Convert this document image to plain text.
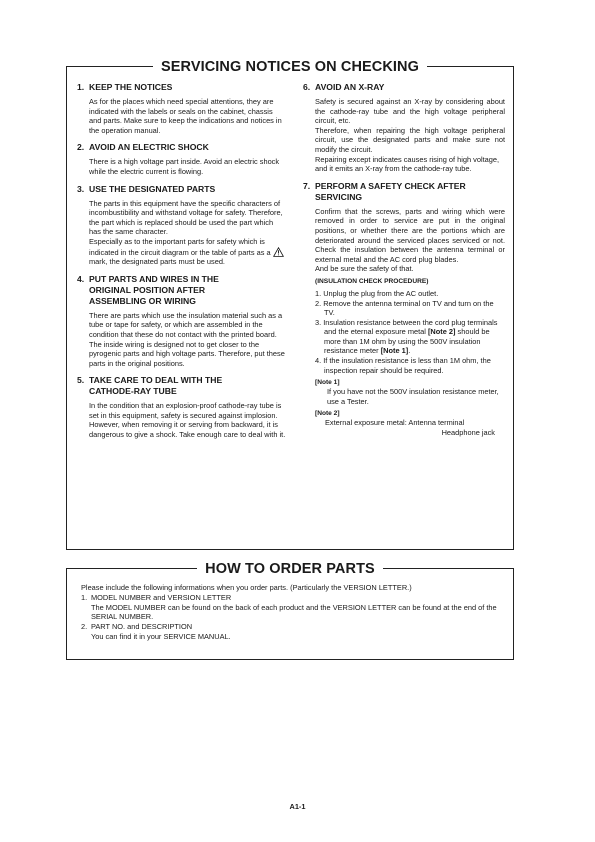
SERVICING NOTICES ON CHECKING
1. KEEP THE NOTICES

As for the places which need special attentions, they are indicated with the labels or seals on the cabinet, chassis and parts. Make sure to keep the indications and notices in the operation manual.

2. AVOID AN ELECTRIC SHOCK

There is a high voltage part inside. Avoid an electric shock while the electric current is flowing.

3. USE THE DESIGNATED PARTS

The parts in this equipment have the specific characters of incombustibility and withstand voltage for safety. Therefore, the part which is replaced should be used the part which has the same character.

Especially as to the important parts for safety which is indicated in the circuit diagram or the table of parts as a  mark, the designated parts must be used.

4. PUT PARTS AND WIRES IN THE
ORIGINAL POSITION AFTER
ASSEMBLING OR WIRING

There are parts which use the insulation material such as a tube or tape for safety, or which are assembled in the condition that these do not contact with the printed board. The inside wiring is designed not to get closer to the pyrogenic parts and high voltage parts. Therefore, put these parts in the original positions.

5. TAKE CARE TO DEAL WITH THE
CATHODE-RAY TUBE

In the condition that an explosion-proof cathode-ray tube is set in this equipment, safety is secured against implosion. However, when removing it or serving from backward, it is dangerous to give a shock. Take enough care to deal with it.

6. AVOID AN X-RAY

Safety is secured against an X-ray by considering about the cathode-ray tube and the high voltage peripheral circuit, etc.

Therefore, when repairing the high voltage peripheral circuit, use the designated parts and make sure not modify the circuit.

Repairing except indicates causes rising of high voltage, and it emits an X-ray from the cathode-ray tube.

7. PERFORM A SAFETY CHECK AFTER
SERVICING

Confirm that the screws, parts and wiring which were removed in order to service are put in the original positions, or whether there are the portions which are deteriorated around the serviced places serviced or not. Check the insulation between the antenna terminal or external metal and the AC cord plug blades.

And be sure the safety of that.

(INSULATION CHECK PROCEDURE)
1. Unplug the plug from the AC outlet.
2. Remove the antenna terminal on TV and turn on the TV.
3. Insulation resistance between the cord plug terminals and the eternal exposure metal [Note 2] should be more than 1M ohm by using the 500V insulation resistance meter [Note 1].
4. If the insulation resistance is less than 1M ohm, the inspection repair should be required.
[Note 1]
If you have not the 500V insulation resistance meter, use a Tester.
[Note 2]
External exposure metal: Antenna terminal
Headphone jack
HOW TO ORDER PARTS
Please include the following informations when you order parts. (Particularly the VERSION LETTER.)
1. MODEL NUMBER and VERSION LETTER
The MODEL NUMBER can be found on the back of each product and the VERSION LETTER can be found at the end of the SERIAL NUMBER.
2. PART NO. and DESCRIPTION
You can find it in your SERVICE MANUAL.
A1-1
